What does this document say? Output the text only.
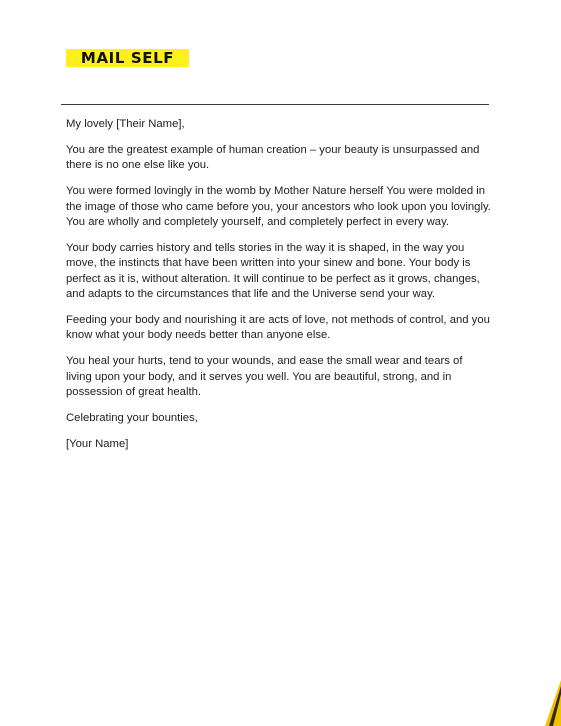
MAIL SELF

My lovely [Their Name],

You are the greatest example of human creation – your beauty is unsurpassed and there is no one else like you.

You were formed lovingly in the womb by Mother Nature herself You were molded in the image of those who came before you, your ancestors who look upon you lovingly. You are wholly and completely yourself, and completely perfect in every way.

Your body carries history and tells stories in the way it is shaped, in the way you move, the instincts that have been written into your sinew and bone. Your body is perfect as it is, without alteration. It will continue to be perfect as it grows, changes, and adapts to the circumstances that life and the Universe send your way.

Feeding your body and nourishing it are acts of love, not methods of control, and you know what your body needs better than anyone else.

You heal your hurts, tend to your wounds, and ease the small wear and tears of living upon your body, and it serves you well. You are beautiful, strong, and in possession of great health.

Celebrating your bounties,

[Your Name]
